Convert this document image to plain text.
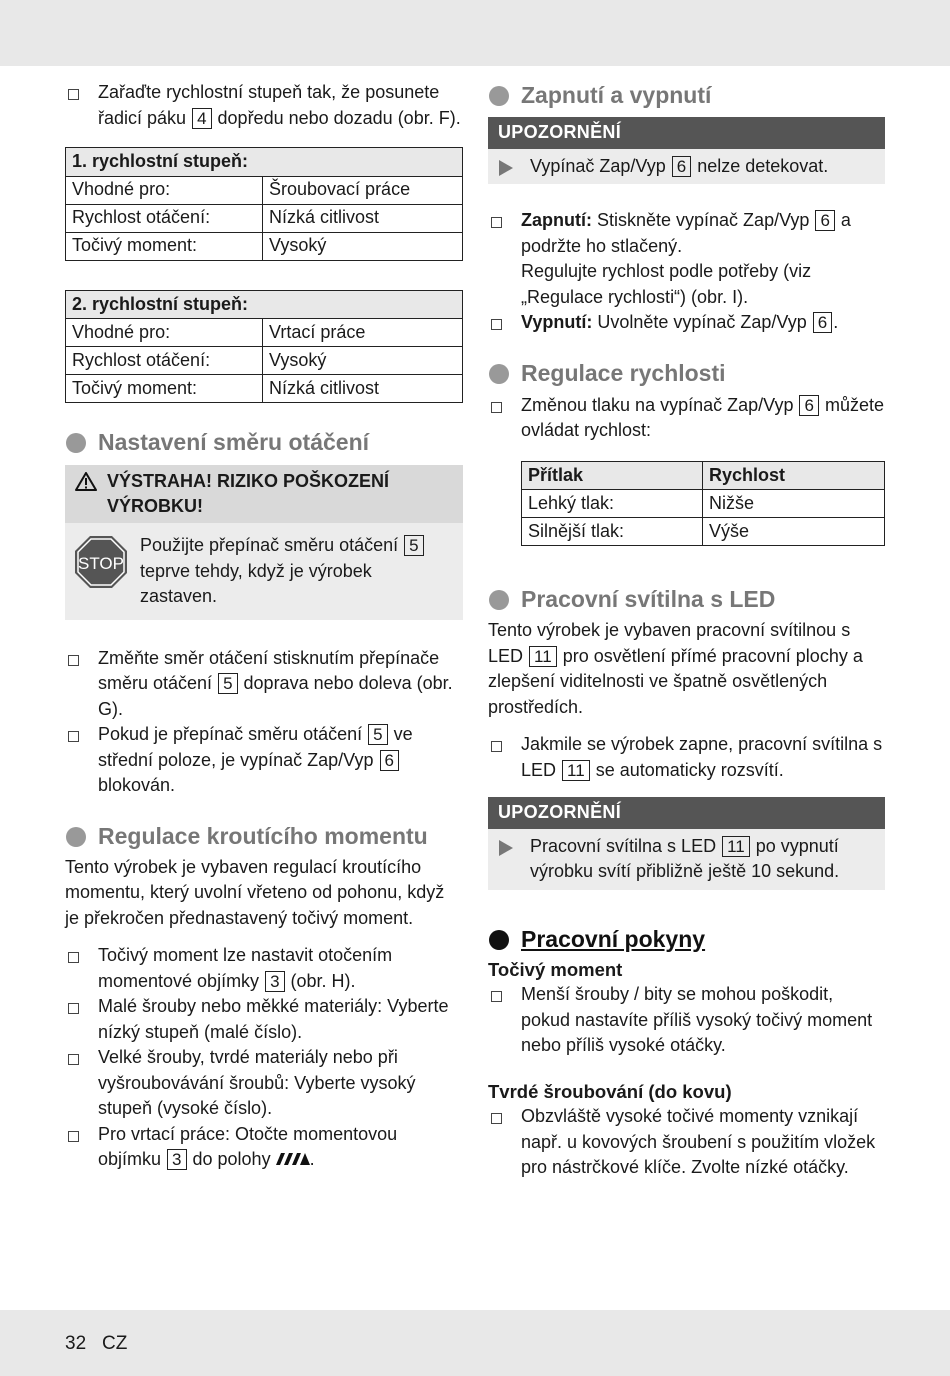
Zařaďte rychlostní stupeň tak, že posunete řadicí páku 4 dopředu nebo dozadu (obr. F).
1. rychlostní stupeň:	
Vhodné pro:	Šroubovací práce
Rychlost otáčení:	Nízká citlivost
Točivý moment:	Vysoký
2. rychlostní stupeň:	
Vhodné pro:	Vrtací práce
Rychlost otáčení:	Vysoký
Točivý moment:	Nízká citlivost
Nastavení směru otáčení
VÝSTRAHA! RIZIKO POŠKOZENÍ VÝROBKU!
STOP
Použijte přepínač směru otáčení 5 teprve tehdy, když je výrobek zastaven.
Změňte směr otáčení stisknutím přepínače směru otáčení 5 doprava nebo doleva (obr. G).
Pokud je přepínač směru otáčení 5 ve střední poloze, je vypínač Zap/Vyp 6 blokován.
Regulace kroutícího momentu

Tento výrobek je vybaven regulací kroutícího momentu, který uvolní vřeteno od pohonu, když je překročen přednastavený točivý moment.

Točivý moment lze nastavit otočením momentové objímky 3 (obr. H).
Malé šrouby nebo měkké materiály: Vyberte nízký stupeň (malé číslo).
Velké šrouby, tvrdé materiály nebo při vyšroubovávání šroubů: Vyberte vysoký stupeň (vysoké číslo).
Pro vrtací práce: Otočte momentovou objímku 3 do polohy .
Zapnutí a vypnutí
UPOZORNĚNÍ
Vypínač Zap/Vyp 6 nelze detekovat.
Zapnutí: Stiskněte vypínač Zap/Vyp 6 a podržte ho stlačený.
Regulujte rychlost podle potřeby (viz „Regulace rychlosti“) (obr. I).
Vypnutí: Uvolněte vypínač Zap/Vyp 6 .
Regulace rychlosti
Změnou tlaku na vypínač Zap/Vyp 6 můžete ovládat rychlost:
Přítlak	Rychlost
Lehký tlak:	Nižše
Silnější tlak:	Výše
Pracovní svítilna s LED

Tento výrobek je vybaven pracovní svítilnou s LED 11 pro osvětlení přímé pracovní plochy a zlepšení viditelnosti ve špatně osvětlených prostředích.

Jakmile se výrobek zapne, pracovní svítilna s LED 11 se automaticky rozsvítí.
UPOZORNĚNÍ
Pracovní svítilna s LED 11 po vypnutí výrobku svítí přibližně ještě 10 sekund.
Pracovní pokyny
Točivý moment
Menší šrouby / bity se mohou poškodit, pokud nastavíte příliš vysoký točivý moment nebo příliš vysoké otáčky.
Tvrdé šroubování (do kovu)
Obzvláště vysoké točivé momenty vznikají např. u kovových šroubení s použitím vložek pro nástrčkové klíče. Zvolte nízké otáčky.
32   CZ
